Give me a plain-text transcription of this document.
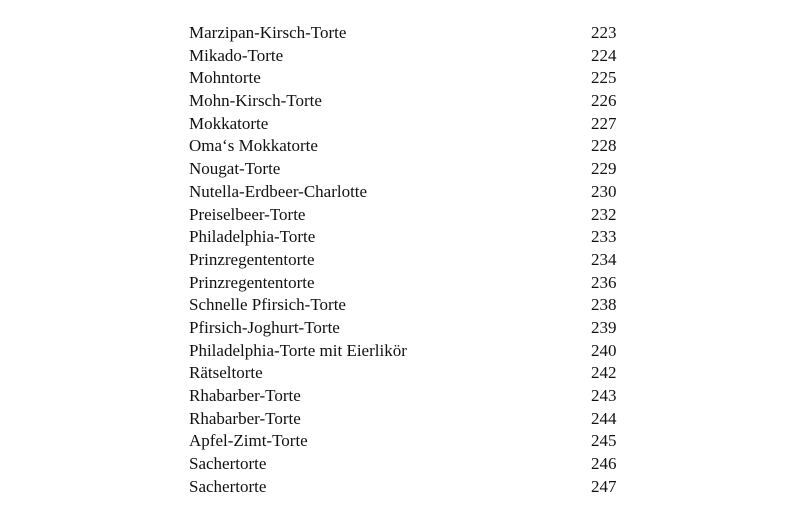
Marzipan-Kirsch-Torte	223
Mikado-Torte	224
Mohntorte	225
Mohn-Kirsch-Torte	226
Mokkatorte	227
Oma‘s Mokkatorte	228
Nougat-Torte	229
Nutella-Erdbeer-Charlotte	230
Preiselbeer-Torte	232
Philadelphia-Torte	233
Prinzregententorte	234
Prinzregententorte	236
Schnelle Pfirsich-Torte	238
Pfirsich-Joghurt-Torte	239
Philadelphia-Torte mit Eierlikör	240
Rätseltorte	242
Rhabarber-Torte	243
Rhabarber-Torte	244
Apfel-Zimt-Torte	245
Sachertorte	246
Sachertorte	247
